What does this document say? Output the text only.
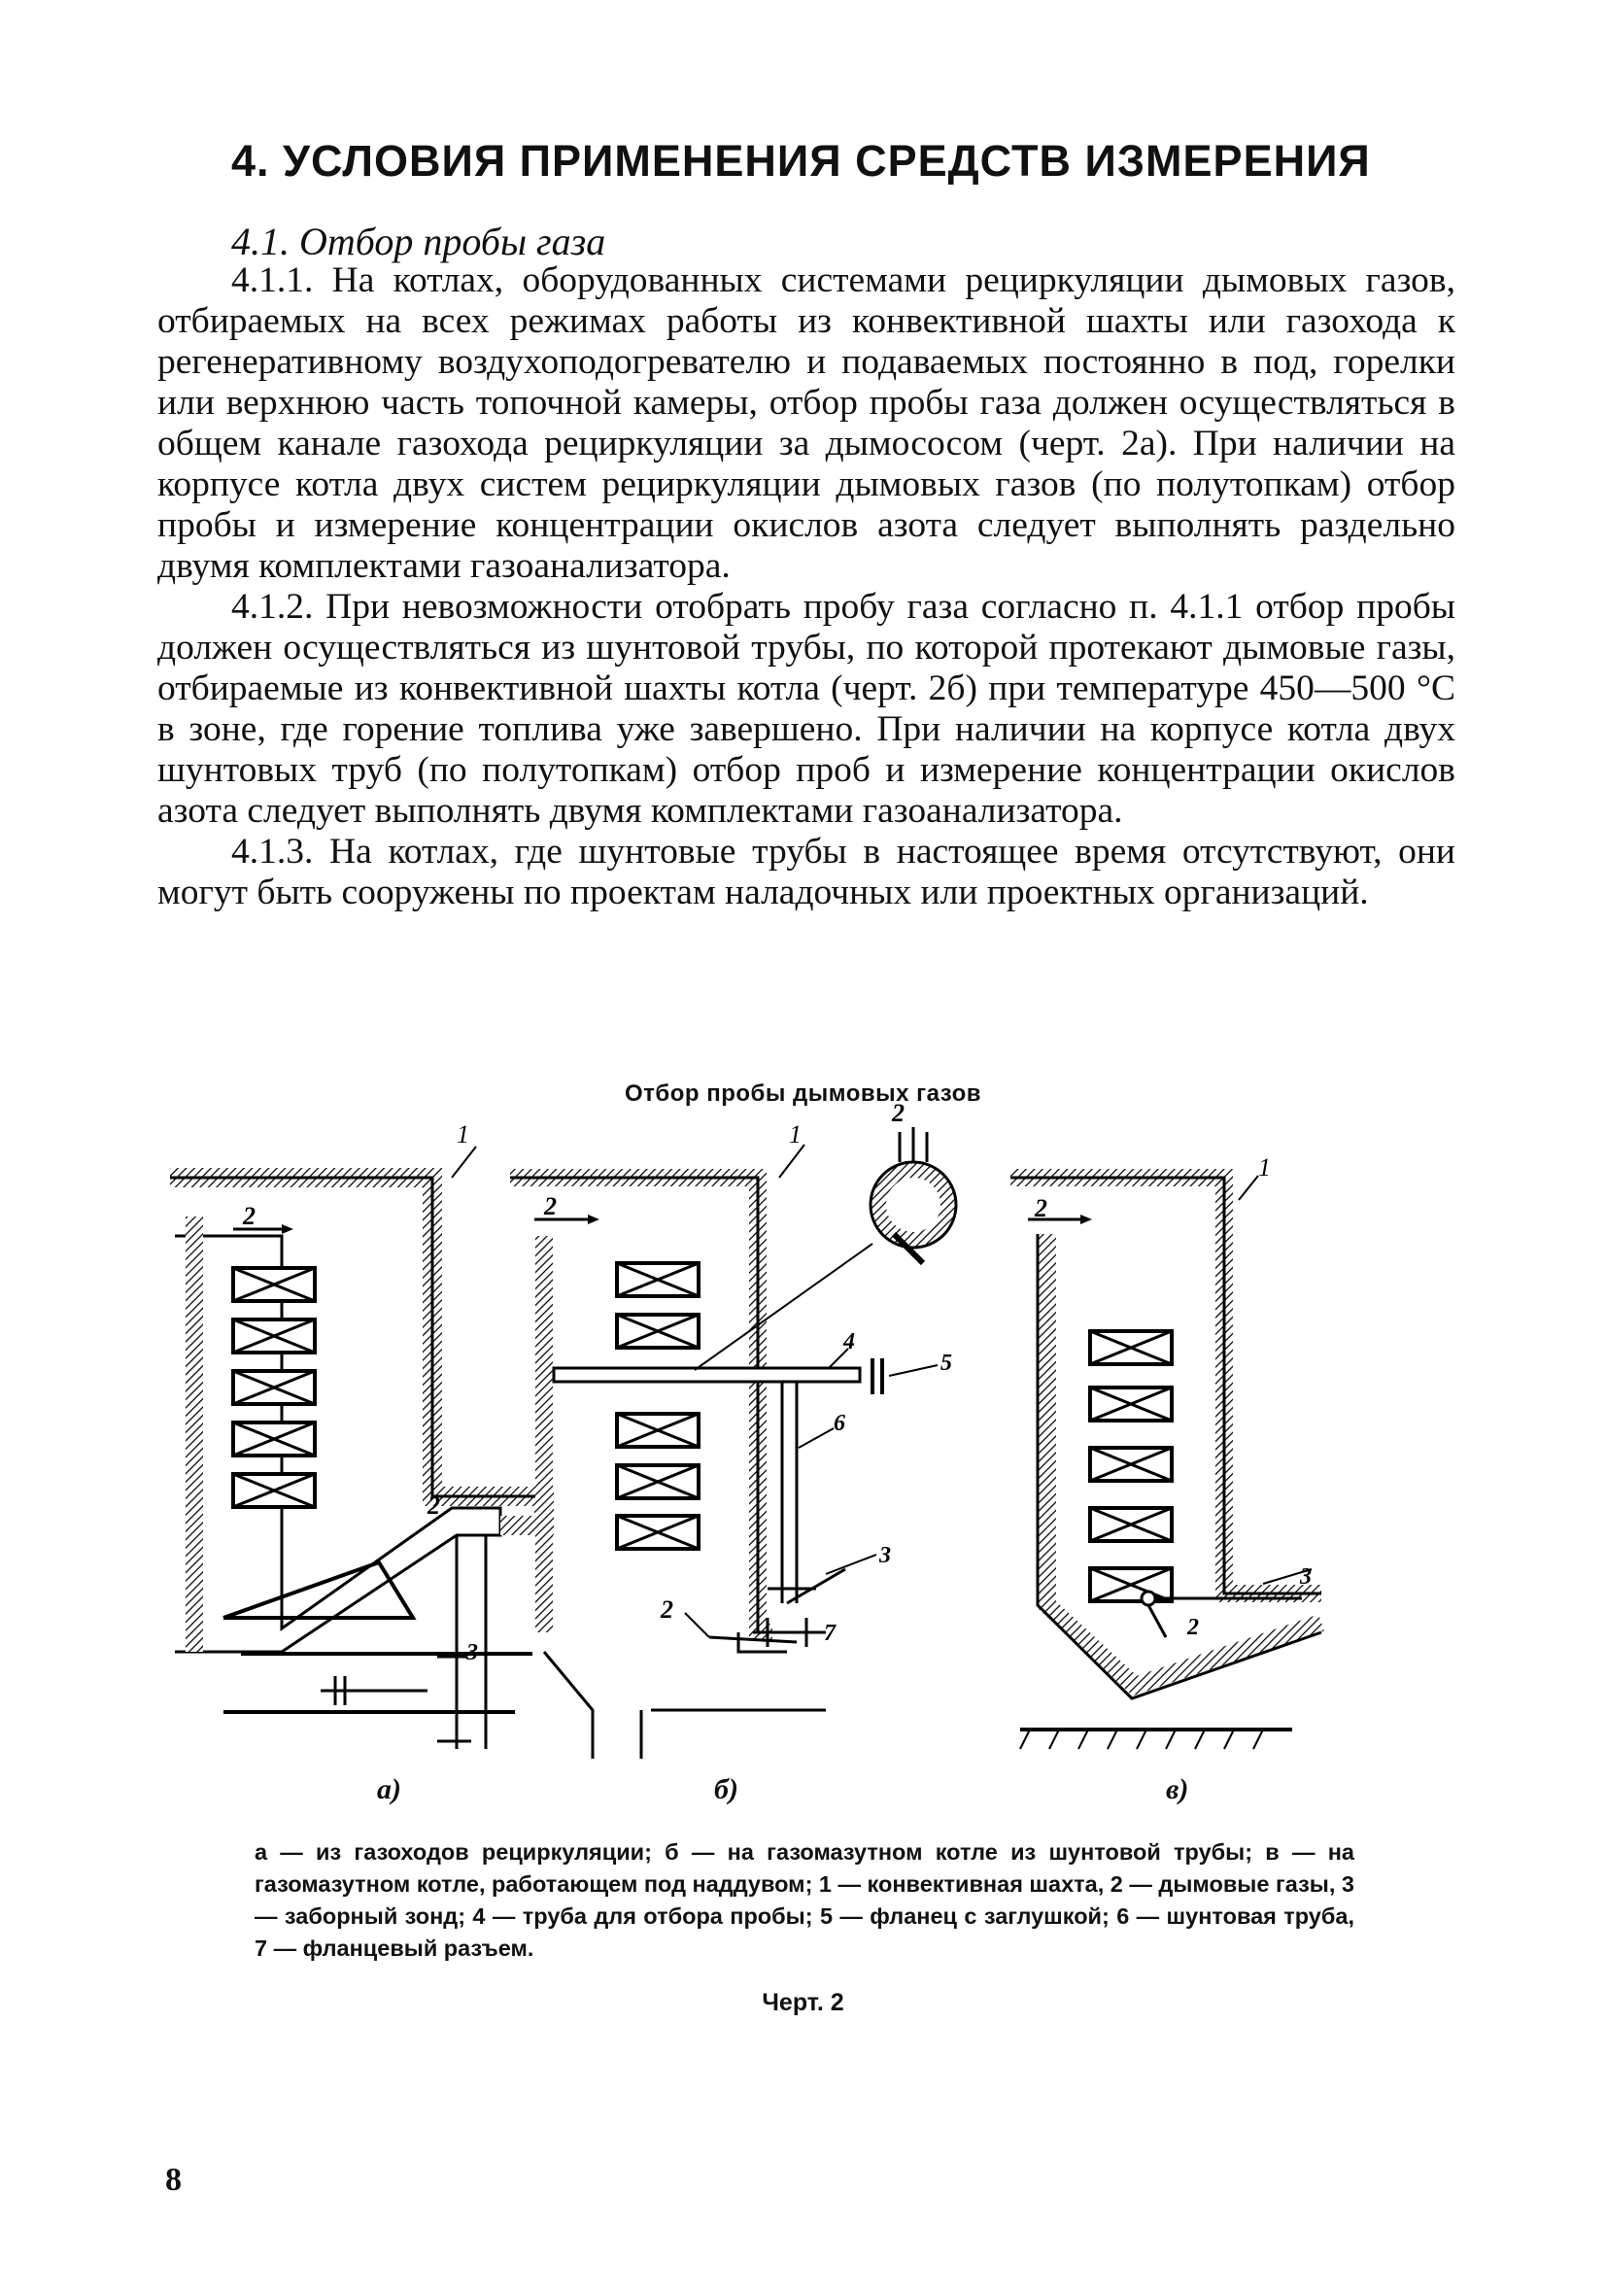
4. УСЛОВИЯ ПРИМЕНЕНИЯ СРЕДСТВ ИЗМЕРЕНИЯ
4.1. Отбор пробы газа

4.1.1. На котлах, оборудованных системами рециркуляции дымовых газов, отбираемых на всех режимах работы из конвективной шахты или газохода к регенеративному воздухоподогревателю и подаваемых постоянно в под, горелки или верхнюю часть топочной камеры, отбор пробы газа должен осуществляться в общем канале газохода рециркуляции за дымососом (черт. 2а). При наличии на корпусе котла двух систем рециркуляции дымовых газов (по полутопкам) отбор пробы и измерение концентрации окислов азота следует выполнять раздельно двумя комплектами газоанализатора.

4.1.2. При невозможности отобрать пробу газа согласно п. 4.1.1 отбор пробы должен осуществляться из шунтовой трубы, по которой протекают дымовые газы, отбираемые из конвективной шахты котла (черт. 2б) при температуре 450—500 °С в зоне, где горение топлива уже завершено. При наличии на корпусе котла двух шунтовых труб (по полутопкам) отбор проб и измерение концентрации окислов азота следует выполнять двумя комплектами газоанализатора.

4.1.3. На котлах, где шунтовые трубы в настоящее время отсутствуют, они могут быть сооружены по проектам наладочных или проектных организаций.

Отбор пробы дымовых газов
1
2
2
3
1
2
2
4
5
6
3
7
2
1
2
3
2
а)	б)	в)
а — из газоходов рециркуляции; б — на газомазутном котле из шунтовой трубы; в — на газомазутном котле, работающем под наддувом; 1 — конвективная шахта, 2 — дымовые газы, 3 — заборный зонд; 4 — труба для отбора пробы; 5 — фланец с заглушкой; 6 — шунтовая труба, 7 — фланцевый разъем.
Черт. 2
8
